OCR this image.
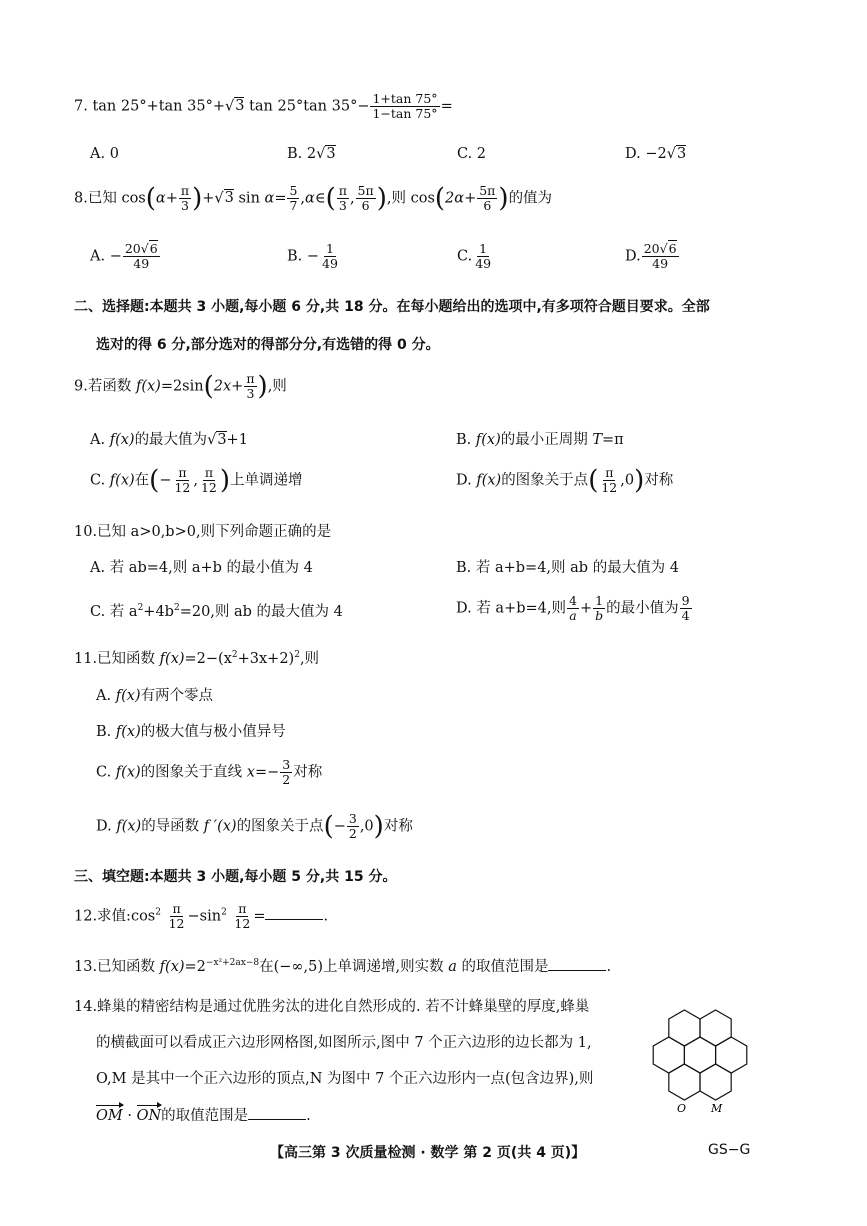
7. tan 25°+tan 35°+√3 tan 25°tan $35^\circ- \frac{1+\tan 75^\circ}{1-\tan 75^\circ}$ =
A. 0	B. 2√3	C. 2	D. −2√3
8.已知 $\cos(\alpha+ \frac{\pi}{3} )+√3$ $\sin \alpha= \frac{5}{7}$ ,α∈( $\frac{\pi}{3}$ , $\frac{5\pi}{6}$ ),则 $\cos(2\alpha+ \frac{5\pi}{6}$ )的值为
A. − $\frac{20√6}{49}$	B. − $\frac{1}{49}$	C. $\frac{1}{49}$	D. $\frac{20√6}{49}$
二、选择题:本题共 3 小题,每小题 6 分,共 18 分。在每小题给出的选项中,有多项符合题目要求。全部
选对的得 6 分,部分选对的得部分分,有选错的得 0 分。
9.若函数 $f(x)=2\sin(2x+ \frac{\pi}{3}$ ),则
A. f(x)的最大值为√3+1	B. f(x)的最小正周期 T=π
C. f(x)在(− $\frac{\pi}{12}$ , $\frac{\pi}{12}$ )上单调递增	D. f(x)的图象关于点( $\frac{\pi}{12} ,0$)对称
10.已知 a>0,b>0,则下列命题正确的是
A. 若 ab=4,则 a+b 的最小值为 4	B. 若 a+b=4,则 ab 的最大值为 4
C. 若 $a^2+4b^2=20$,则 ab 的最大值为 4	D. 若 a+b=4,则 $\frac{4}{a} + \frac{1}{b}$ 的最小值为 $\frac{9}{4}$
11.已知函数 $f(x)=2-(x^2+3x+2)^2$,则
A. f(x)有两个零点
B. f(x)的极大值与极小值异号
C. f(x)的图象关于直线 $x=- \frac{3}{2}$ 对称
D. f(x)的导函数 f ′(x)的图象关于点(− $\frac{3}{2} ,0$)对称
三、填空题:本题共 3 小题,每小题 5 分,共 15 分。
12.求值$:\cos^2 \frac{\pi}{12} -\sin^2 \frac{\pi}{12}$ =	.
13.已知函数 $f(x)=2^{-x^2+2ax-8}$在(−∞,5)上单调递增,则实数 a 的取值范围是	.
14.蜂巢的精密结构是通过优胜劣汰的进化自然形成的. 若不计蜂巢壁的厚度,蜂巢
的横截面可以看成正六边形网格图,如图所示,图中 7 个正六边形的边长都为 1,
O,M 是其中一个正六边形的顶点,N 为图中 7 个正六边形内一点(包含边界),则
OM · ON的取值范围是	.	O M
【高三第 3 次质量检测 · 数学 第 2 页(共 4 页)】	GS−G
